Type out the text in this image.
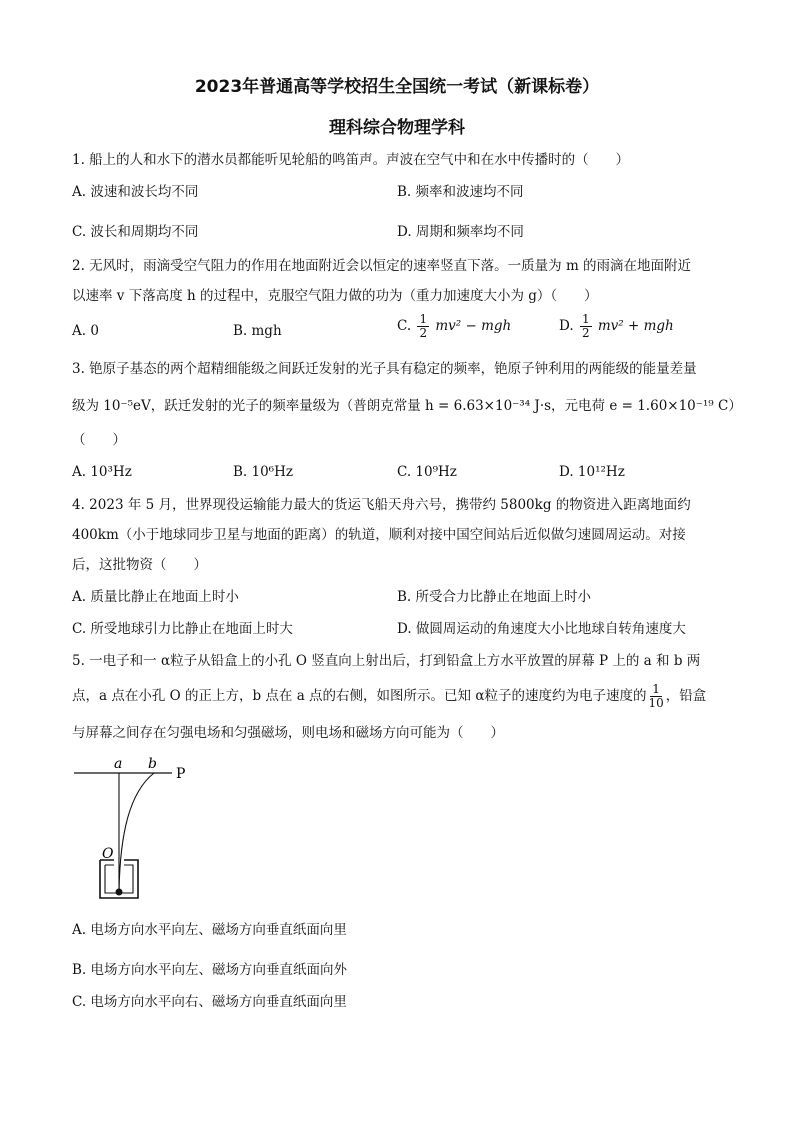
2023年普通高等学校招生全国统一考试（新课标卷）
理科综合物理学科
1. 船上的人和水下的潜水员都能听见轮船的鸣笛声。声波在空气中和在水中传播时的（　　）
A. 波速和波长均不同	B. 频率和波速均不同
C. 波长和周期均不同	D. 周期和频率均不同
2. 无风时，雨滴受空气阻力的作用在地面附近会以恒定的速率竖直下落。一质量为 m 的雨滴在地面附近
以速率 v 下落高度 h 的过程中，克服空气阻力做的功为（重力加速度大小为 g）（　　）
A. 0	B. mgh	C. $\frac{1}{2} mv^2$ − mgh	D. $\frac{1}{2} mv^2$ + mgh
3. 铯原子基态的两个超精细能级之间跃迁发射的光子具有稳定的频率，铯原子钟利用的两能级的能量差量
级为 10⁻⁵eV，跃迁发射的光子的频率量级为（普朗克常量 h = 6.63×10⁻³⁴ J·s，元电荷 e = 1.60×10⁻¹⁹ C）
（　　）
A. 10³Hz	B. 10⁶Hz	C. 10⁹Hz	D. 10¹²Hz
4. 2023 年 5 月，世界现役运输能力最大的货运飞船天舟六号，携带约 5800kg 的物资进入距离地面约
400km（小于地球同步卫星与地面的距离）的轨道，顺利对接中国空间站后近似做匀速圆周运动。对接
后，这批物资（　　）
A. 质量比静止在地面上时小	B. 所受合力比静止在地面上时小
C. 所受地球引力比静止在地面上时大	D. 做圆周运动的角速度大小比地球自转角速度大
5. 一电子和一 α粒子从铅盒上的小孔 O 竖直向上射出后，打到铅盒上方水平放置的屏幕 P 上的 a 和 b 两
点，a 点在小孔 O 的正上方，b 点在 a 点的右侧，如图所示。已知 α粒子的速度约为电子速度的 $\frac{1}{10}$ ，铅盒
与屏幕之间存在匀强电场和匀强磁场，则电场和磁场方向可能为（　　）
a b
P
O
A. 电场方向水平向左、磁场方向垂直纸面向里
B. 电场方向水平向左、磁场方向垂直纸面向外
C. 电场方向水平向右、磁场方向垂直纸面向里
